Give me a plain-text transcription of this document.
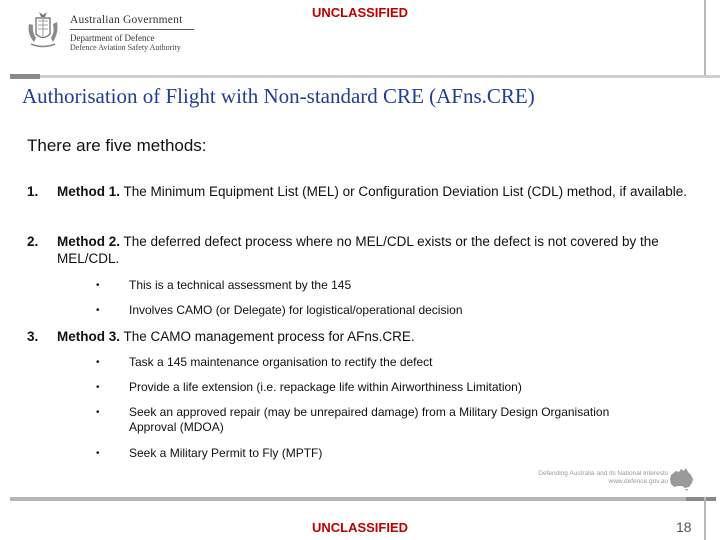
UNCLASSIFIED
Australian Government
Department of Defence
Defence Aviation Safety Authority
Authorisation of Flight with Non-standard CRE (AFns.CRE)
There are five methods:
1. Method 1. The Minimum Equipment List (MEL) or Configuration Deviation List (CDL) method, if available.
2. Method 2. The deferred defect process where no MEL/CDL exists or the defect is not covered by the MEL/CDL.
• This is a technical assessment by the 145
• Involves CAMO (or Delegate) for logistical/operational decision
3. Method 3. The CAMO management process for AFns.CRE.
• Task a 145 maintenance organisation to rectify the defect
• Provide a life extension (i.e. repackage life within Airworthiness Limitation)
• Seek an approved repair (may be unrepaired damage) from a Military Design Organisation Approval (MDOA)
• Seek a Military Permit to Fly (MPTF)
Defending Australia and its National Interests
www.defence.gov.au
UNCLASSIFIED	18
